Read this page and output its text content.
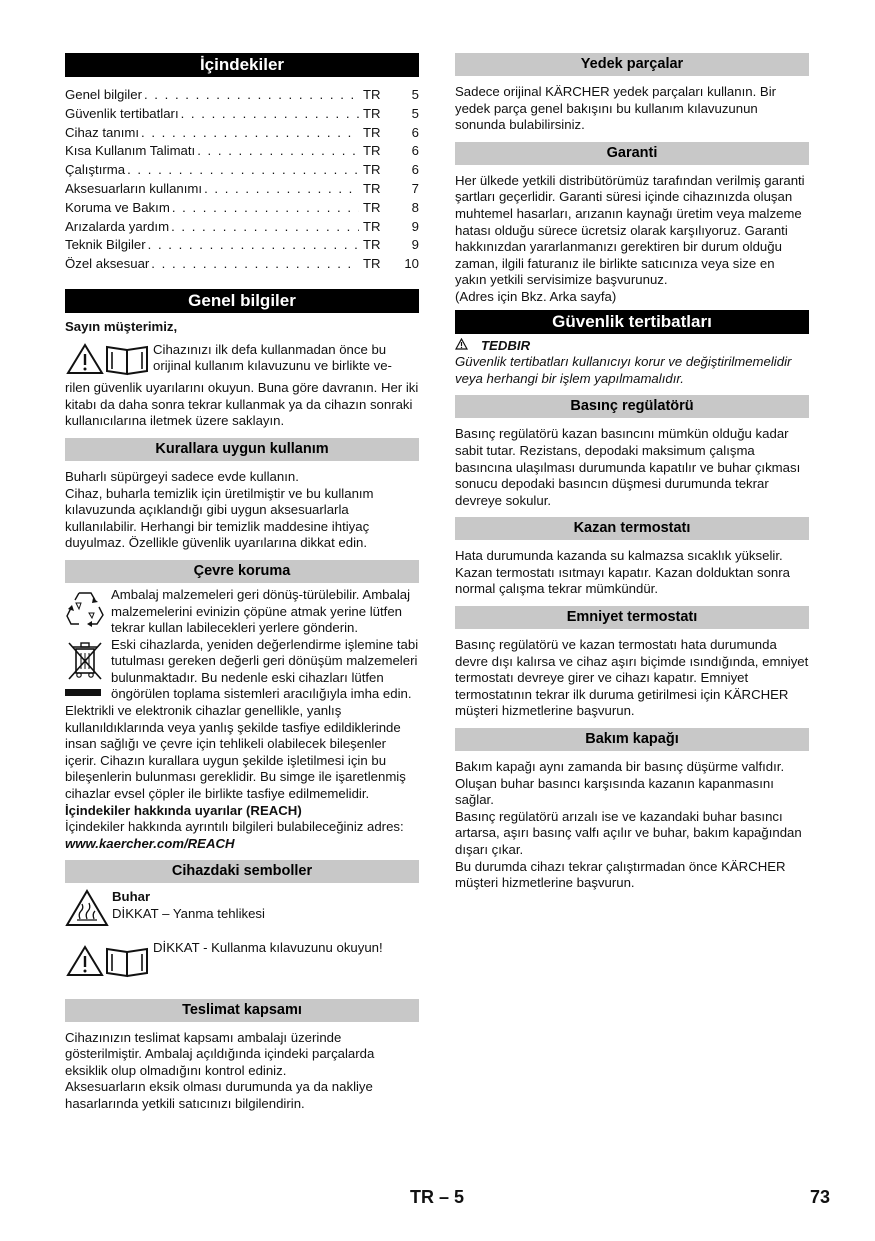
İçindekiler
Genel bilgiler . . .	TR	5
Güvenlik tertibatları . . .	TR	5
Cihaz tanımı . . .	TR	6
Kısa Kullanım Talimatı . . .	TR	6
Çalıştırma . . .	TR	6
Aksesuarların kullanımı . . .	TR	7
Koruma ve Bakım . . .	TR	8
Arızalarda yardım . . .	TR	9
Teknik Bilgiler . . .	TR	9
Özel aksesuar . . .	TR	10
Genel bilgiler

Sayın müşterimiz,

Cihazınızı ilk defa kullanmadan önce bu

orijinal kullanım kılavuzunu ve birlikte ve-

rilen güvenlik uyarılarını okuyun. Buna göre davranın. Her iki kitabı da daha sonra tekrar kullanmak ya da cihazın sonraki kullanıcılarına iletmek üzere saklayın.

Kurallara uygun kullanım

Buharlı süpürgeyi sadece evde kullanın.

Cihaz, buharla temizlik için üretilmiştir ve bu kullanım kılavuzunda açıklandığı gibi uygun aksesuarlarla kullanılabilir. Herhangi bir temizlik maddesine ihtiyaç duyulmaz. Özellikle güvenlik uyarılarına dikkat edin.

Çevre koruma

Ambalaj malzemeleri geri dönüş-türülebilir. Ambalaj malzemelerini evinizin çöpüne atmak yerine lütfen tekrar kullan labilecekleri yerlere gönderin.

Eski cihazlarda, yeniden değerlendirme işlemine tabi tutulması gereken değerli geri dönüşüm malzemeleri bulunmaktadır. Bu nedenle eski cihazları lütfen öngörülen toplama sistemleri aracılığıyla imha edin.

Elektrikli ve elektronik cihazlar genellikle, yanlış kullanıldıklarında veya yanlış şekilde tasfiye edildiklerinde insan sağlığı ve çevre için tehlikeli olabilecek bileşenler içerir. Cihazın kurallara uygun şekilde işletilmesi için bu bileşenlerin bulunması gereklidir. Bu simge ile işaretlenmiş cihazlar evsel çöpler ile birlikte tasfiye edilmemelidir.

İçindekiler hakkında uyarılar (REACH)

İçindekiler hakkında ayrıntılı bilgileri bulabileceğiniz adres:

www.kaercher.com/REACH

Cihazdaki semboller

Buhar

DİKKAT – Yanma tehlikesi

DİKKAT - Kullanma kılavuzunu okuyun!

Teslimat kapsamı

Cihazınızın teslimat kapsamı ambalajı üzerinde gösterilmiştir. Ambalaj açıldığında içindeki parçalarda eksiklik olup olmadığını kontrol ediniz.

Aksesuarların eksik olması durumunda ya da nakliye hasarlarında yetkili satıcınızı bilgilendirin.

Yedek parçalar

Sadece orijinal KÄRCHER yedek parçaları kullanın. Bir yedek parça genel bakışını bu kullanım kılavuzunun sonunda bulabilirsiniz.

Garanti

Her ülkede yetkili distribütörümüz tarafından verilmiş garanti şartları geçerlidir. Garanti süresi içinde cihazınızda oluşan muhtemel hasarları, arızanın kaynağı üretim veya malzeme hatası olduğu sürece ücretsiz olarak karşılıyoruz. Garanti hakkınızdan yararlanmanızı gerektiren bir durum olduğu zaman, ilgili faturanız ile birlikte satıcınıza veya size en yakın yetkili servisimize başvurunuz.

(Adres için Bkz. Arka sayfa)

Güvenlik tertibatları

TEDBIR

Güvenlik tertibatları kullanıcıyı korur ve değiştirilmemelidir veya herhangi bir işlem yapılmamalıdır.

Basınç regülatörü

Basınç regülatörü kazan basıncını mümkün olduğu kadar sabit tutar. Rezistans, depodaki maksimum çalışma basıncına ulaşılması durumunda kapatılır ve buhar çıkması sonucu depodaki basıncın düşmesi durumunda tekrar devreye sokulur.

Kazan termostatı

Hata durumunda kazanda su kalmazsa sıcaklık yükselir. Kazan termostatı ısıtmayı kapatır. Kazan dolduktan sonra normal çalışma tekrar mümkündür.

Emniyet termostatı

Basınç regülatörü ve kazan termostatı hata durumunda devre dışı kalırsa ve cihaz aşırı biçimde ısındığında, emniyet termostatı devreye girer ve cihazı kapatır. Emniyet termostatının tekrar ilk duruma getirilmesi için KÄRCHER müşteri hizmetlerine başvurun.

Bakım kapağı

Bakım kapağı aynı zamanda bir basınç düşürme valfıdır. Oluşan buhar basıncı karşısında kazanın kapanmasını sağlar.

Basınç regülatörü arızalı ise ve kazandaki buhar basıncı artarsa, aşırı basınç valfı açılır ve buhar, bakım kapağından dışarı çıkar.

Bu durumda cihazı tekrar çalıştırmadan önce KÄRCHER müşteri hizmetlerine başvurun.

TR – 5	73
